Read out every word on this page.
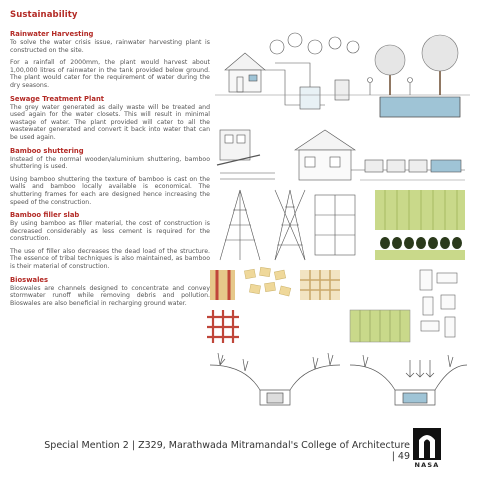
Sustainability
Rainwater Harvesting

To solve the water crisis issue, rainwater harvesting plant is constructed on the site.

For a rainfall of 2000mm, the plant would harvest about 1,00,000 litres of rainwater in the tank provided below ground. The plant would cater for the requirement of water during the dry seasons.

Sewage Treatment Plant

The grey water generated as daily waste will be treated and used again for the water closets. This will result in minimal wastage of water. The plant provided will cater to all the wastewater generated and convert it back into water that can be used again.

Bamboo shuttering

Instead of the normal wooden/aluminium shuttering, bamboo shuttering is used.

Using bamboo shuttering the texture of bamboo is cast on the walls and bamboo locally available is economical. The shuttering frames for each are designed hence increasing the speed of the construction.

Bamboo filler slab

By using bamboo as filler material, the cost of construction is decreased considerably as less cement is required for the construction.

The use of filler also decreases the dead load of the structure. The essence of tribal techniques is also maintained, as bamboo is their material of construction.

Bioswales

Bioswales are channels designed to concentrate and convey stormwater runoff while removing debris and pollution. Bioswales are also beneficial in recharging ground water.

Special Mention 2 | Z329, Marathwada Mitramandal's College of Architecture | 49
NASA
